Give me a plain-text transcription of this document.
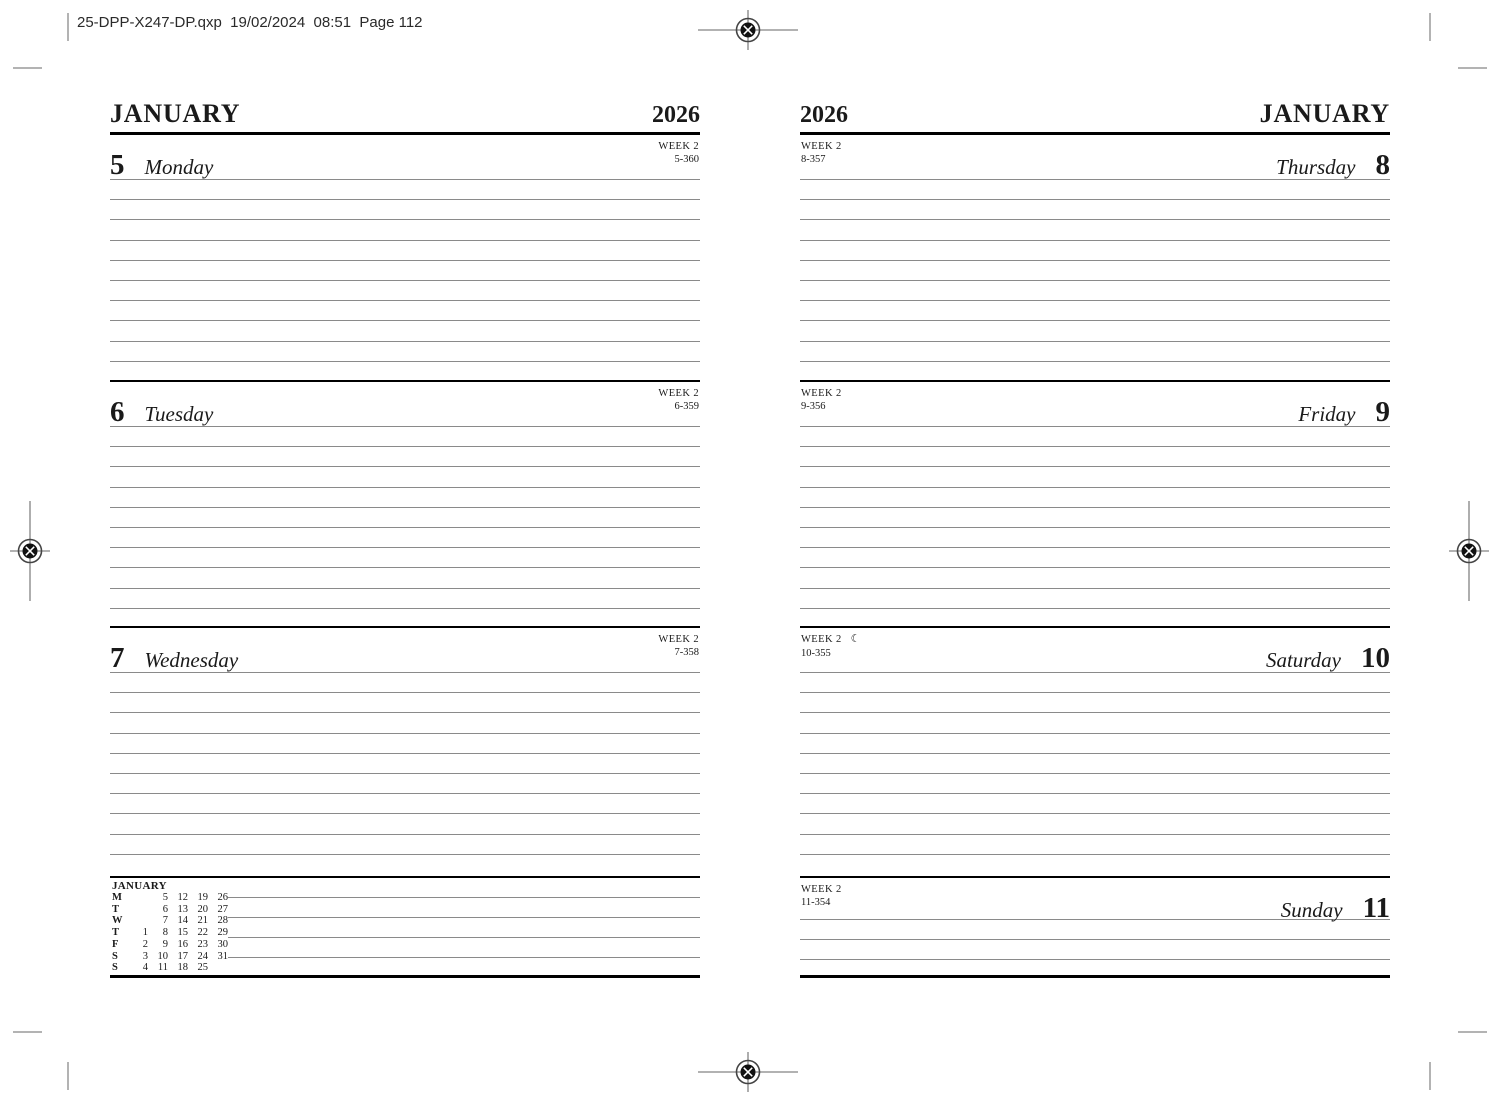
25-DPP-X247-DP.qxp  19/02/2024  08:51  Page 112
JANUARY	2026
5 Monday
WEEK 2
5-360
6 Tuesday
WEEK 2
6-359
7 Wednesday
WEEK 2
7-358
JANUARY
M		5	12	19	26
T		6	13	20	27
W		7	14	21	28
T	1	8	15	22	29
F	2	9	16	23	30
S	3	10	17	24	31
S	4	11	18	25	
2026	JANUARY
WEEK 2
8-357	Thursday 8
WEEK 2
9-356	Friday 9
WEEK 2 ☾
10-355	Saturday 10
WEEK 2
11-354	Sunday 11
